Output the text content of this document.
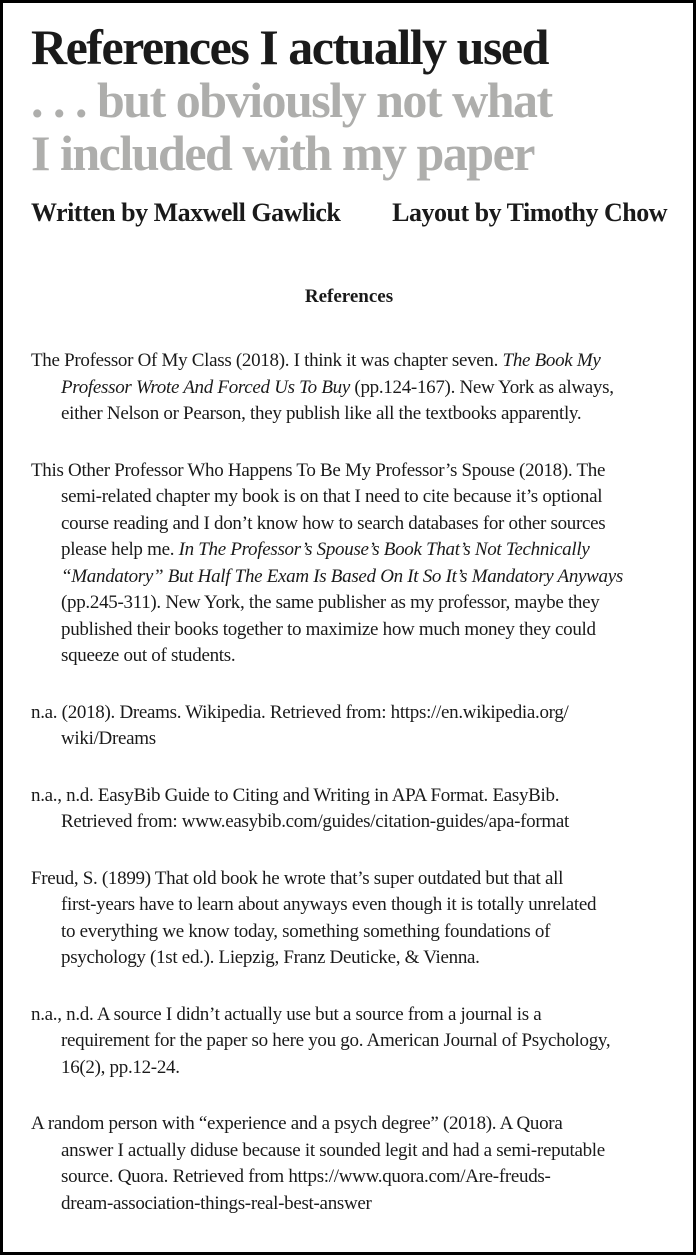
References I actually used
. . . but obviously not what
I included with my paper
Written by Maxwell Gawlick Layout by Timothy Chow
References
The Professor Of My Class (2018). I think it was chapter seven. The Book My
Professor Wrote And Forced Us To Buy (pp.124-167). New York as always,
either Nelson or Pearson, they publish like all the textbooks apparently.
This Other Professor Who Happens To Be My Professor’s Spouse (2018). The
semi-related chapter my book is on that I need to cite because it’s optional
course reading and I don’t know how to search databases for other sources
please help me. In The Professor’s Spouse’s Book That’s Not Technically
“Mandatory” But Half The Exam Is Based On It So It’s Mandatory Anyways
(pp.245-311). New York, the same publisher as my professor, maybe they
published their books together to maximize how much money they could
squeeze out of students.
n.a. (2018). Dreams. Wikipedia. Retrieved from: https://en.wikipedia.org/
wiki/Dreams
n.a., n.d. EasyBib Guide to Citing and Writing in APA Format. EasyBib.
Retrieved from: www.easybib.com/guides/citation-guides/apa-format
Freud, S. (1899) That old book he wrote that’s super outdated but that all
first-years have to learn about anyways even though it is totally unrelated
to everything we know today, something something foundations of
psychology (1st ed.). Liepzig, Franz Deuticke, & Vienna.
n.a., n.d. A source I didn’t actually use but a source from a journal is a
requirement for the paper so here you go. American Journal of Psychology,
16(2), pp.12-24.
A random person with “experience and a psych degree” (2018). A Quora
answer I actually diduse because it sounded legit and had a semi-reputable
source. Quora. Retrieved from https://www.quora.com/Are-freuds-
dream-association-things-real-best-answer
